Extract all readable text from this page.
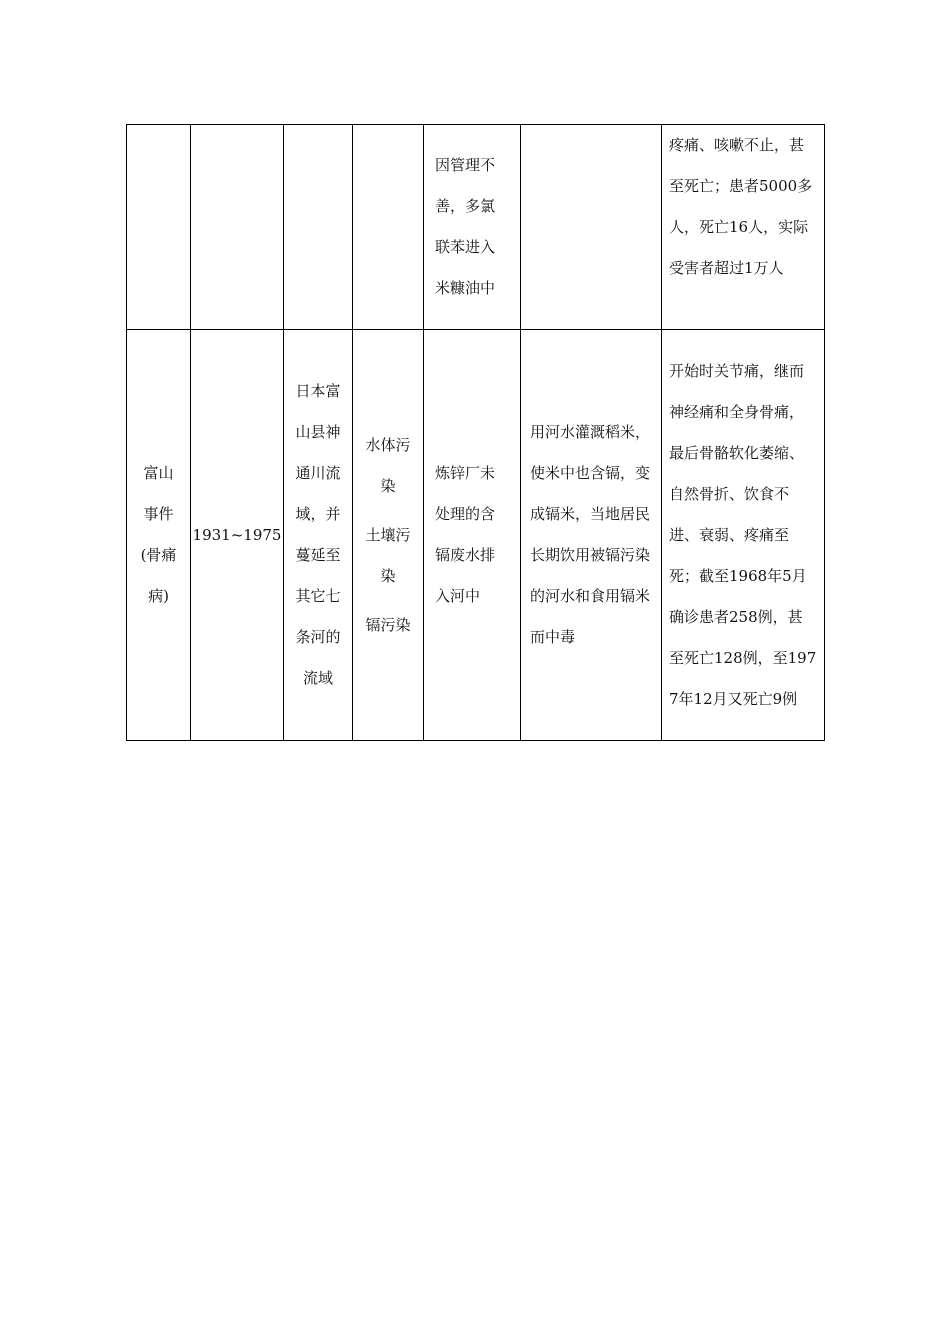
				因管理不善，多氯联苯进入米糠油中		疼痛、咳嗽不止，甚至死亡；患者5000多人，死亡16人，实际受害者超过1万人

富山
事件
(骨痛
病)	1931~1975	日本富山县神通川流域，并蔓延至其它七条河的流域	水体污染
土壤污染
镉污染	炼锌厂未处理的含镉废水排入河中	用河水灌溉稻米，使米中也含镉，变成镉米，当地居民长期饮用被镉污染的河水和食用镉米而中毒	开始时关节痛，继而神经痛和全身骨痛，最后骨骼软化萎缩、自然骨折、饮食不进、衰弱、疼痛至死；截至1968年5月确诊患者258例，甚至死亡128例，至1977年12月又死亡9例
